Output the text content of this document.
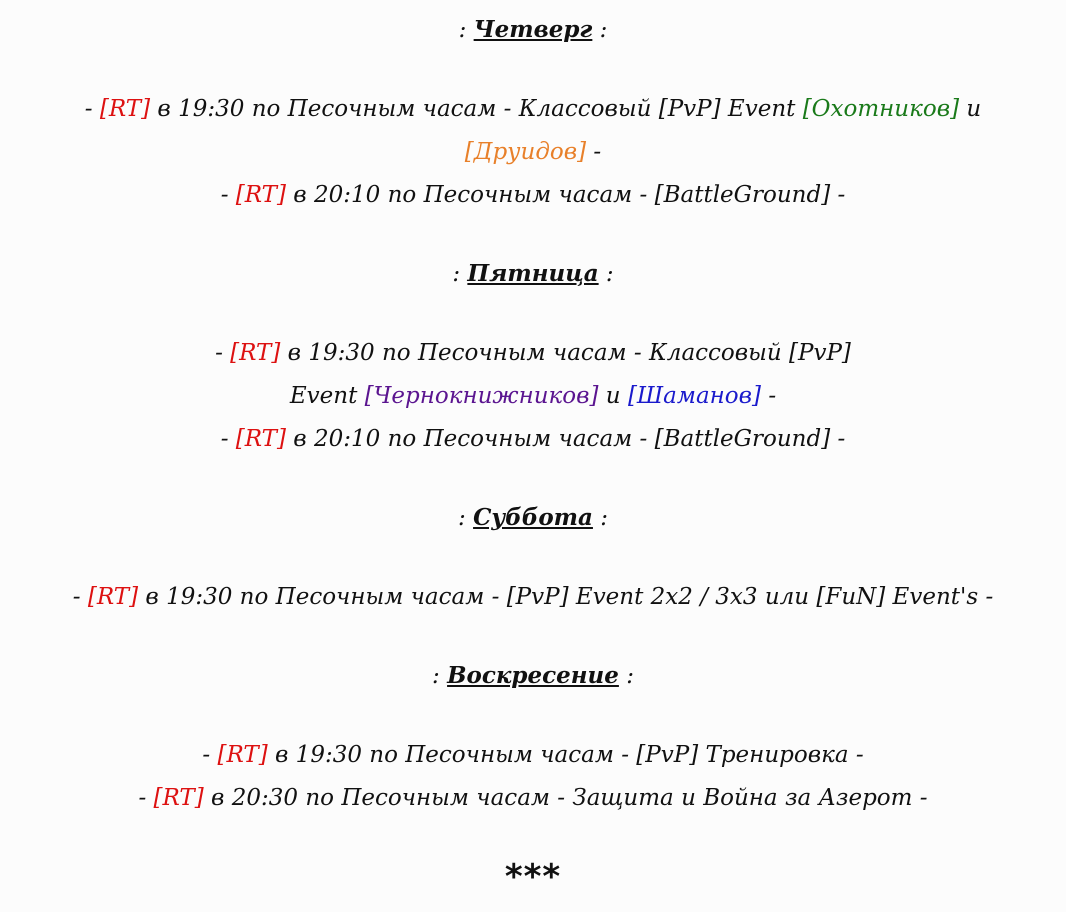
: Четверг :
- [RT] в 19:30 по Песочным часам - Классовый [PvP] Event [Охотников] и
[Друидов] -
- [RT] в 20:10 по Песочным часам - [BattleGround] -
: Пятница :
- [RT] в 19:30 по Песочным часам - Классовый [PvP]
Event [Чернокнижников] и [Шаманов] -
- [RT] в 20:10 по Песочным часам - [BattleGround] -
: Суббота :
- [RT] в 19:30 по Песочным часам - [PvP] Event 2x2 / 3x3 или [FuN] Event's -
: Воскресение :
- [RT] в 19:30 по Песочным часам - [PvP] Тренировка -
- [RT] в 20:30 по Песочным часам - Защита и Война за Азерот -
***
